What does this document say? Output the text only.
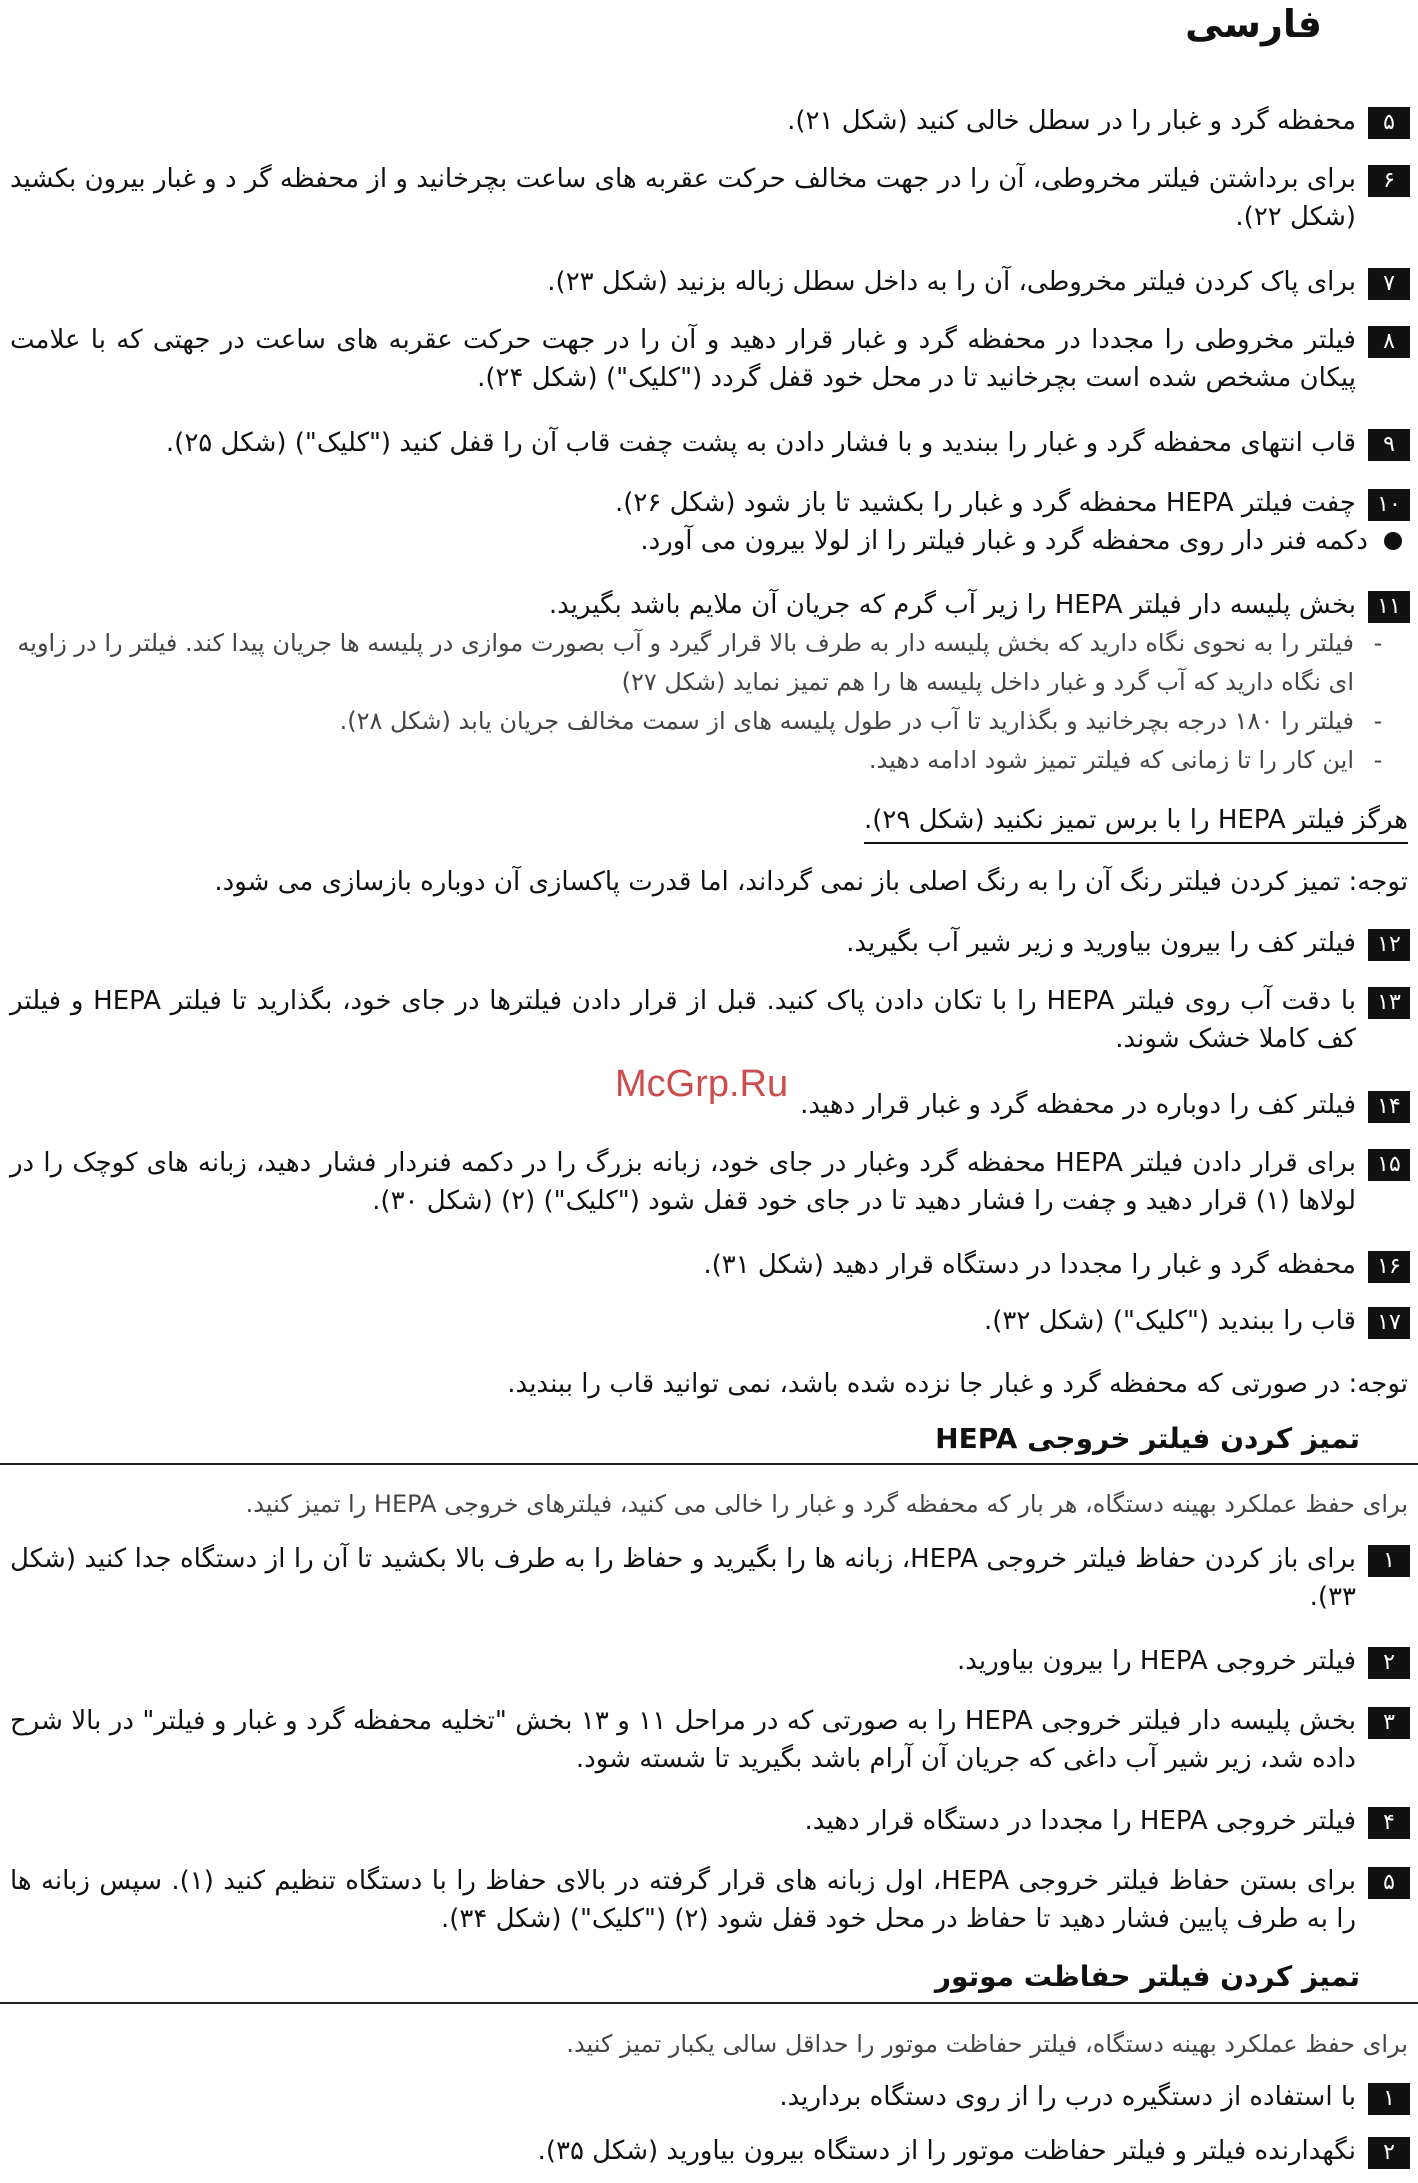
فارسی
۵
محفظه گرد و غبار را در سطل خالی کنید (شکل ۲۱).
۶
برای برداشتن فیلتر مخروطی، آن را در جهت مخالف حرکت عقربه های ساعت بچرخانید و از محفظه گر د و غبار بیرون بکشید (شکل ۲۲).
۷
برای پاک کردن فیلتر مخروطی، آن را به داخل سطل زباله بزنید (شکل ۲۳).
۸
فیلتر مخروطی را مجددا در محفظه گرد و غبار قرار دهید و آن را در جهت حرکت عقربه های ساعت در جهتی که با علامت پیکان مشخص شده است بچرخانید تا در محل خود قفل گردد ("کلیک") (شکل ۲۴).
۹
قاب انتهای محفظه گرد و غبار را ببندید و با فشار دادن به پشت چفت قاب آن را قفل کنید ("کلیک") (شکل ۲۵).
۱۰
چفت فیلتر HEPA محفظه گرد و غبار را بکشید تا باز شود (شکل ۲۶).
دکمه فنر دار روی محفظه گرد و غبار فیلتر را از لولا بیرون می آورد.
۱۱
بخش پلیسه دار فیلتر HEPA را زیر آب گرم که جریان آن ملایم باشد بگیرید.
-
فیلتر را به نحوی نگاه دارید که بخش پلیسه دار به طرف بالا قرار گیرد و آب بصورت موازی در پلیسه ها جریان پیدا کند. فیلتر را در زاویه ای نگاه دارید که آب گرد و غبار داخل پلیسه ها را هم تمیز نماید (شکل ۲۷)
-
فیلتر را ۱۸۰ درجه بچرخانید و بگذارید تا آب در طول پلیسه های از سمت مخالف جریان یابد (شکل ۲۸).
-
این کار را تا زمانی که فیلتر تمیز شود ادامه دهید.
هرگز فیلتر HEPA را با برس تمیز نکنید (شکل ۲۹).
توجه: تمیز کردن فیلتر رنگ آن را به رنگ اصلی باز نمی گرداند، اما قدرت پاکسازی آن دوباره بازسازی می شود.
۱۲
فیلتر کف را بیرون بیاورید و زیر شیر آب بگیرید.
۱۳
با دقت آب روی فیلتر HEPA را با تکان دادن پاک کنید. قبل از قرار دادن فیلترها در جای خود، بگذارید تا فیلتر HEPA و فیلتر کف کاملا خشک شوند.
۱۴
فیلتر کف را دوباره در محفظه گرد و غبار قرار دهید.
۱۵
برای قرار دادن فیلتر HEPA محفظه گرد وغبار در جای خود، زبانه بزرگ را در دکمه فنردار فشار دهید، زبانه های کوچک را در لولاها (۱) قرار دهید و چفت را فشار دهید تا در جای خود قفل شود ("کلیک") (۲) (شکل ۳۰).
۱۶
محفظه گرد و غبار را مجددا در دستگاه قرار دهید (شکل ۳۱).
۱۷
قاب را ببندید ("کلیک") (شکل ۳۲).
توجه: در صورتی که محفظه گرد و غبار جا نزده شده باشد، نمی توانید قاب را ببندید.
تمیز کردن فیلتر خروجی HEPA
برای حفظ عملکرد بهینه دستگاه، هر بار که محفظه گرد و غبار را خالی می کنید، فیلترهای خروجی HEPA را تمیز کنید.
۱
برای باز کردن حفاظ فیلتر خروجی HEPA، زبانه ها را بگیرید و حفاظ را به طرف بالا بکشید تا آن را از دستگاه جدا کنید (شکل ۳۳).
۲
فیلتر خروجی HEPA را بیرون بیاورید.
۳
بخش پلیسه دار فیلتر خروجی HEPA را به صورتی که در مراحل ۱۱ و ۱۳ بخش "تخلیه محفظه گرد و غبار و فیلتر" در بالا شرح داده شد، زیر شیر آب داغی که جریان آن آرام باشد بگیرید تا شسته شود.
۴
فیلتر خروجی HEPA را مجددا در دستگاه قرار دهید.
۵
برای بستن حفاظ فیلتر خروجی HEPA، اول زبانه های قرار گرفته در بالای حفاظ را با دستگاه تنظیم کنید (۱). سپس زبانه ها را به طرف پایین فشار دهید تا حفاظ در محل خود قفل شود (۲) ("کلیک") (شکل ۳۴).
تمیز کردن فیلتر حفاظت موتور
برای حفظ عملکرد بهینه دستگاه، فیلتر حفاظت موتور را حداقل سالی یکبار تمیز کنید.
۱
با استفاده از دستگیره درب را از روی دستگاه بردارید.
۲
نگهدارنده فیلتر و فیلتر حفاظت موتور را از دستگاه بیرون بیاورید (شکل ۳۵).
McGrp.Ru
